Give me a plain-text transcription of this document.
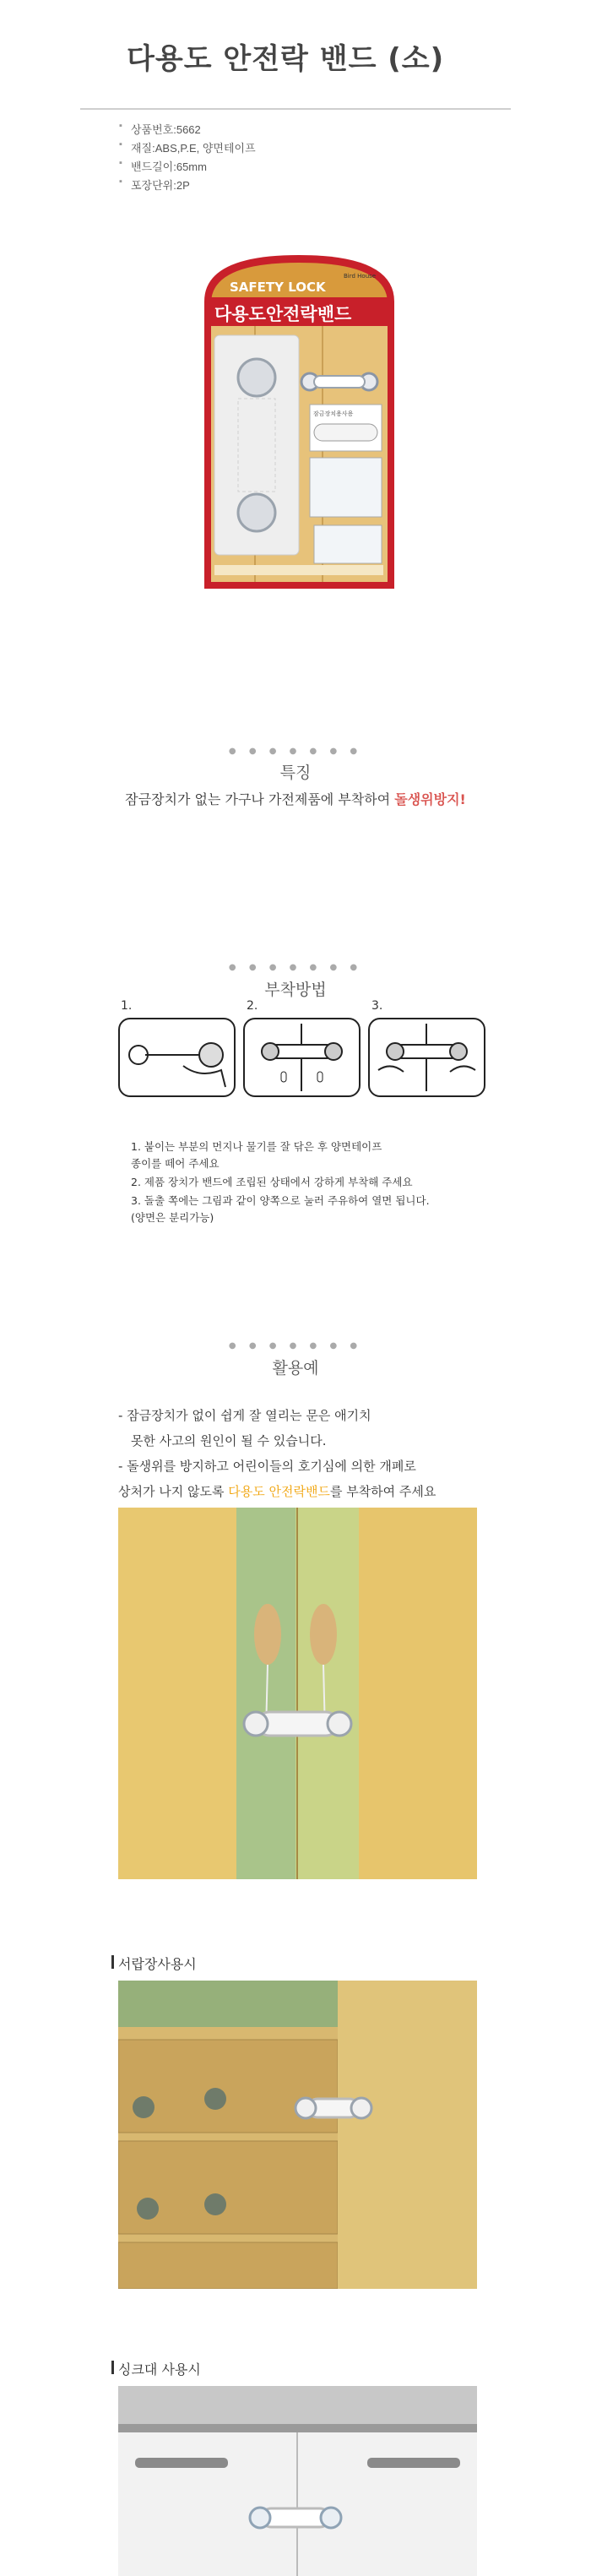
다용도 안전락 밴드 (소)
▪ 상품번호:5662
▪ 재질:ABS,P.E, 양면테이프
▪ 밴드길이:65mm
▪ 포장단위:2P
SAFETY LOCK
Bird House
다용도안전락밴드
잠금장치용사용
● ● ● ● ● ● ●
특징
잠금장치가 없는 가구나 가전제품에 부착하여 돌생위방지!
● ● ● ● ● ● ●
부착방법
1.	2.	3.
1. 붙이는 부분의 먼지나 물기를 잘 닦은 후 양면테이프
종이를 떼어 주세요
2. 제품 장치가 밴드에 조립된 상태에서 강하게 부착해 주세요
3. 돌출 쪽에는 그림과 같이 양쪽으로 눌러 주유하여 열면 됩니다.
(양면은 분리가능)
● ● ● ● ● ● ●
활용예
- 잠금장치가 없이 쉽게 잘 열리는 문은 애기치
못한 사고의 원인이 될 수 있습니다.
- 돌생위를 방지하고 어린이들의 호기심에 의한 개폐로
상처가 나지 않도록 다용도 안전락밴드를 부착하여 주세요
서랍장사용시
싱크대 사용시
